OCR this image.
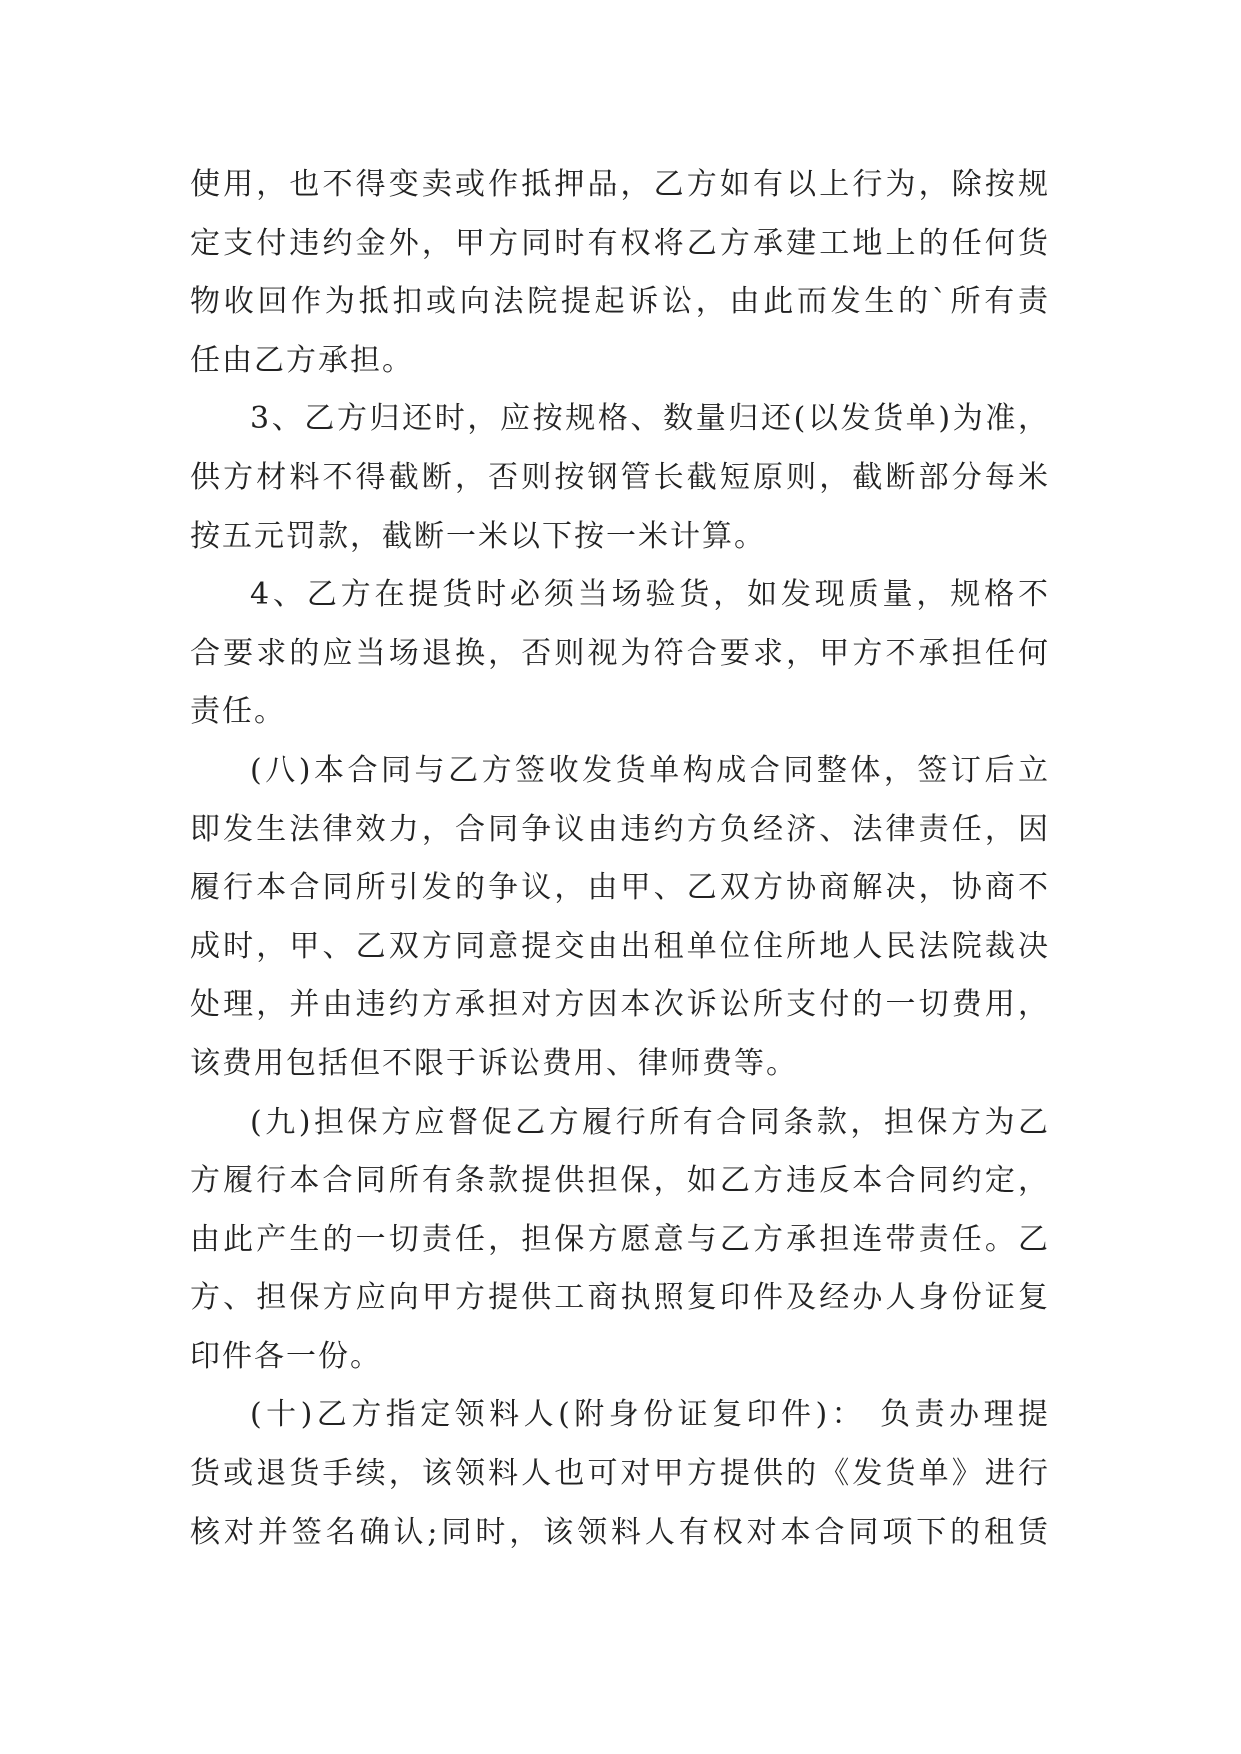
使用，也不得变卖或作抵押品，乙方如有以上行为，除按规
定支付违约金外，甲方同时有权将乙方承建工地上的任何货
物收回作为抵扣或向法院提起诉讼，由此而发生的`所有责
任由乙方承担。
3、乙方归还时，应按规格、数量归还(以发货单)为准，
供方材料不得截断，否则按钢管长截短原则，截断部分每米
按五元罚款，截断一米以下按一米计算。
4、乙方在提货时必须当场验货，如发现质量，规格不
合要求的应当场退换，否则视为符合要求，甲方不承担任何
责任。
(八)本合同与乙方签收发货单构成合同整体，签订后立
即发生法律效力，合同争议由违约方负经济、法律责任，因
履行本合同所引发的争议，由甲、乙双方协商解决，协商不
成时，甲、乙双方同意提交由出租单位住所地人民法院裁决
处理，并由违约方承担对方因本次诉讼所支付的一切费用，
该费用包括但不限于诉讼费用、律师费等。
(九)担保方应督促乙方履行所有合同条款，担保方为乙
方履行本合同所有条款提供担保，如乙方违反本合同约定，
由此产生的一切责任，担保方愿意与乙方承担连带责任。乙
方、担保方应向甲方提供工商执照复印件及经办人身份证复
印件各一份。
(十)乙方指定领料人(附身份证复印件)： 负责办理提
货或退货手续，该领料人也可对甲方提供的《发货单》进行
核对并签名确认;同时，该领料人有权对本合同项下的租赁
